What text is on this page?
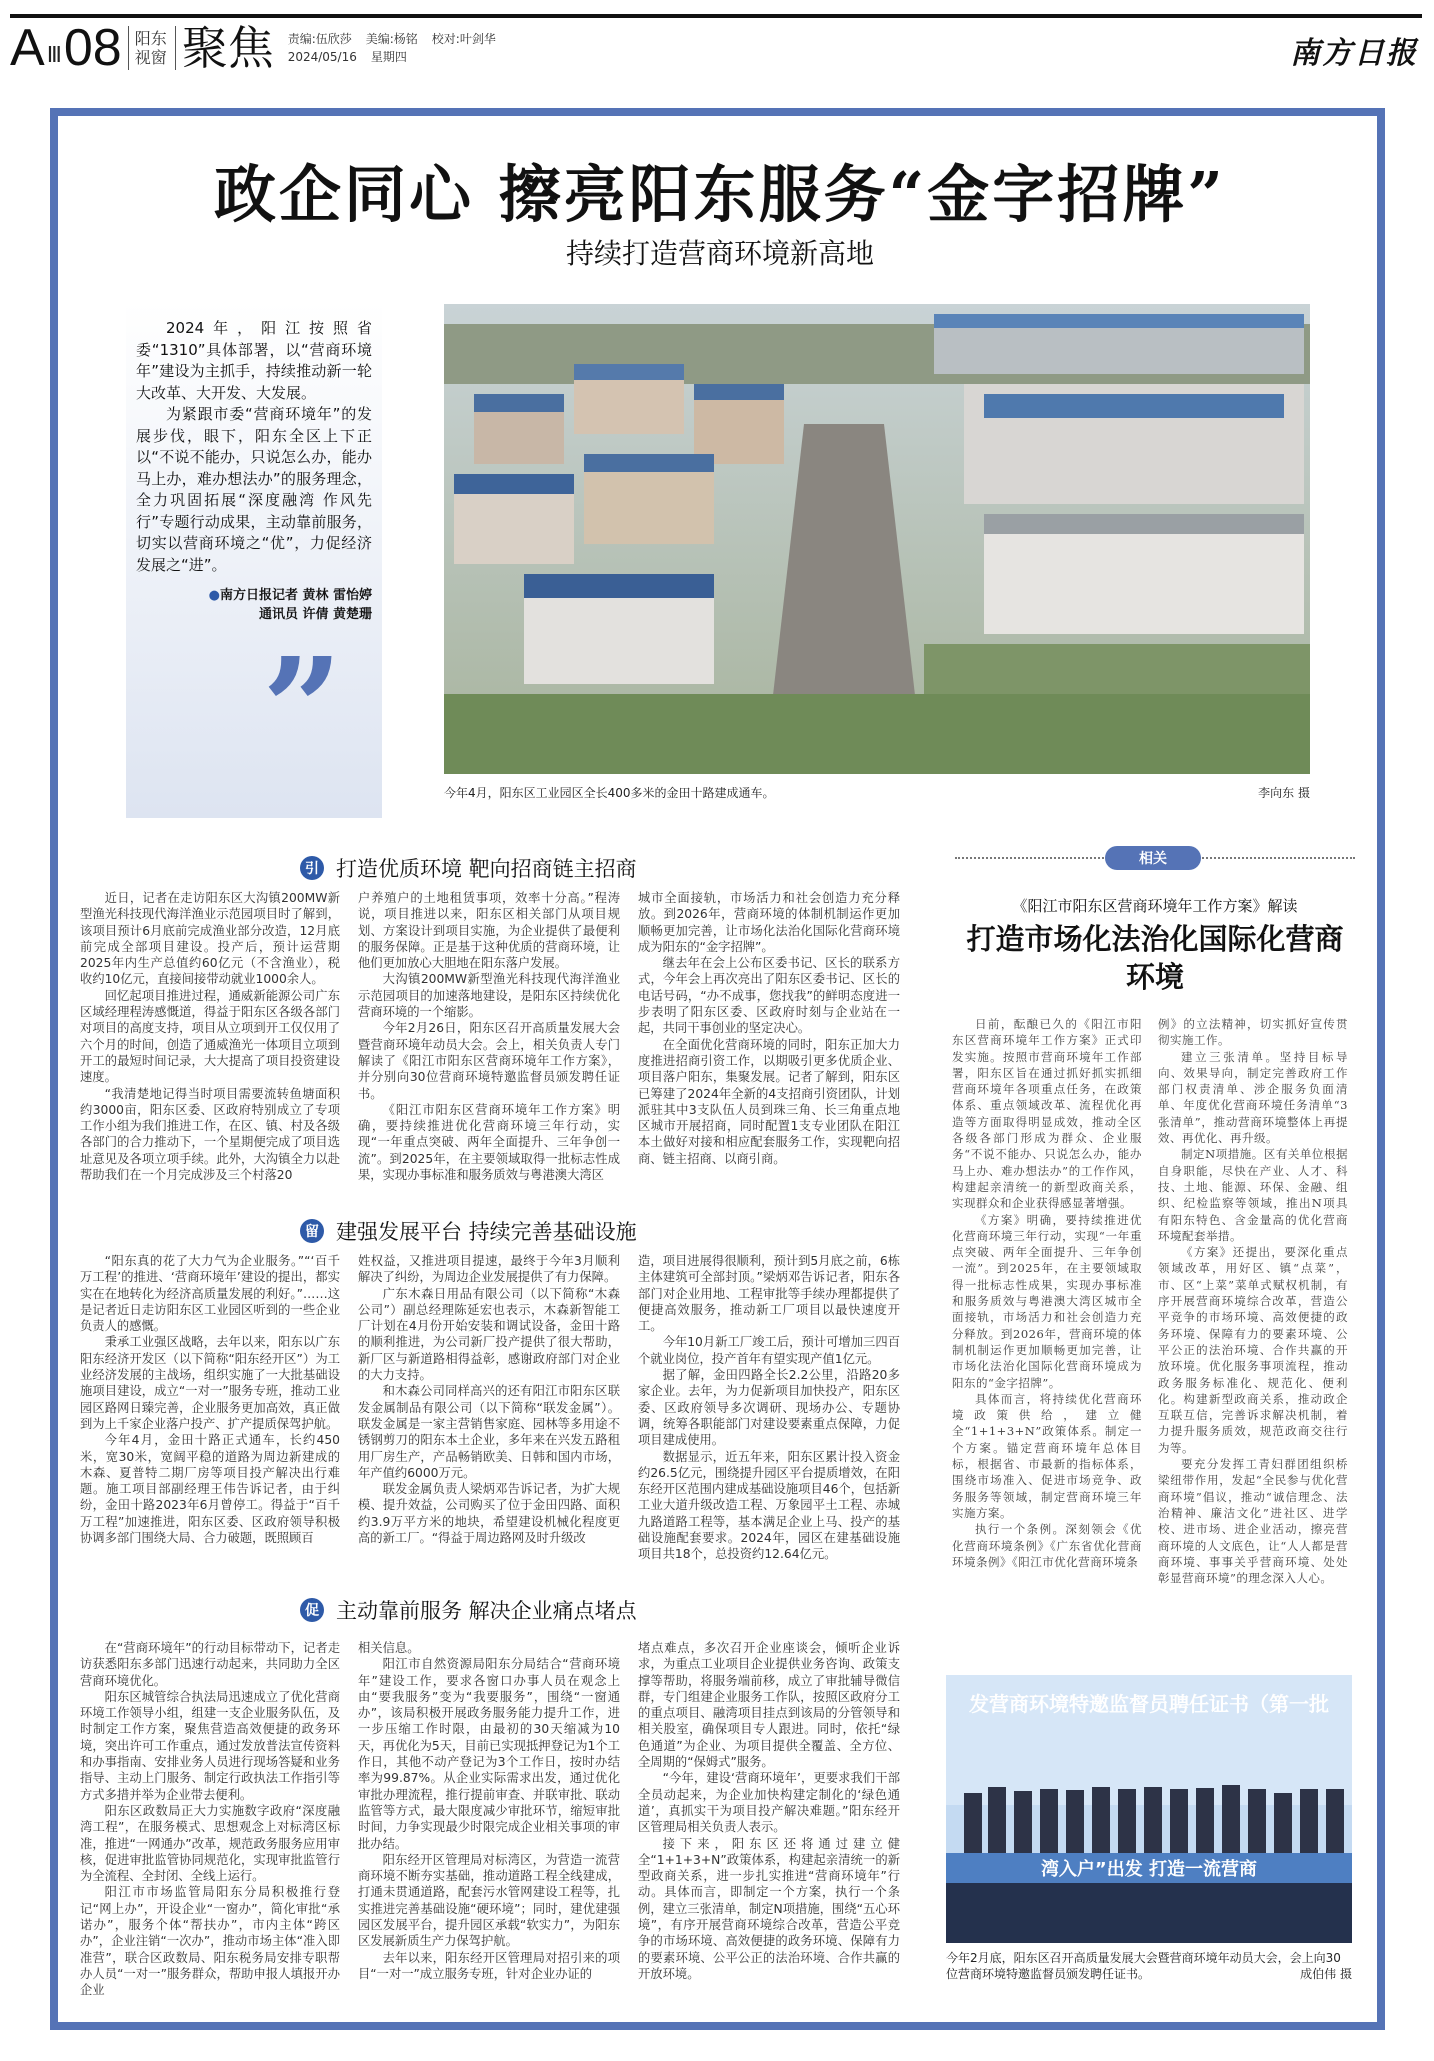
A Ⅲ 08 阳东
视窗 聚焦 责编:伍欣莎 美编:杨铭 校对:叶剑华
2024/05/16 星期四	南方日报
政企同心 擦亮阳东服务“金字招牌”
持续打造营商环境新高地

2024年，阳江按照省委“1310”具体部署，以“营商环境年”建设为主抓手，持续推动新一轮大改革、大开发、大发展。

为紧跟市委“营商环境年”的发展步伐，眼下，阳东全区上下正以“不说不能办，只说怎么办，能办马上办，难办想法办”的服务理念，全力巩固拓展“深度融湾 作风先行”专题行动成果，主动靠前服务，切实以营商环境之“优”，力促经济发展之“进”。

●南方日报记者 黄林 雷怡婷
通讯员 许倩 黄楚珊
”
今年4月，阳东区工业园区全长400多米的金田十路建成通车。	李向东 摄
引 打造优质环境 靶向招商链主招商

近日，记者在走访阳东区大沟镇200MW新型渔光科技现代海洋渔业示范园项目时了解到，该项目预计6月底前完成渔业部分改造，12月底前完成全部项目建设。投产后，预计运营期2025年内生产总值约60亿元（不含渔业），税收约10亿元，直接间接带动就业1000余人。

回忆起项目推进过程，通威新能源公司广东区域经理程涛感慨道，得益于阳东区各级各部门对项目的高度支持，项目从立项到开工仅仅用了六个月的时间，创造了通威渔光一体项目立项到开工的最短时间记录，大大提高了项目投资建设速度。

“我清楚地记得当时项目需要流转鱼塘面积约3000亩，阳东区委、区政府特别成立了专项工作小组为我们推进工作，在区、镇、村及各级各部门的合力推动下，一个星期便完成了项目选址意见及各项立项手续。此外，大沟镇全力以赴帮助我们在一个月完成涉及三个村落20

户养殖户的土地租赁事项，效率十分高。”程涛说，项目推进以来，阳东区相关部门从项目规划、方案设计到项目实施，为企业提供了最便利的服务保障。正是基于这种优质的营商环境，让他们更加放心大胆地在阳东落户发展。

大沟镇200MW新型渔光科技现代海洋渔业示范园项目的加速落地建设，是阳东区持续优化营商环境的一个缩影。

今年2月26日，阳东区召开高质量发展大会暨营商环境年动员大会。会上，相关负责人专门解读了《阳江市阳东区营商环境年工作方案》，并分别向30位营商环境特邀监督员颁发聘任证书。

《阳江市阳东区营商环境年工作方案》明确，要持续推进优化营商环境三年行动，实现“一年重点突破、两年全面提升、三年争创一流”。到2025年，在主要领域取得一批标志性成果，实现办事标准和服务质效与粤港澳大湾区

城市全面接轨，市场活力和社会创造力充分释放。到2026年，营商环境的体制机制运作更加顺畅更加完善，让市场化法治化国际化营商环境成为阳东的“金字招牌”。

继去年在会上公布区委书记、区长的联系方式，今年会上再次亮出了阳东区委书记、区长的电话号码，“办不成事，您找我”的鲜明态度进一步表明了阳东区委、区政府时刻与企业站在一起，共同干事创业的坚定决心。

在全面优化营商环境的同时，阳东正加大力度推进招商引资工作，以期吸引更多优质企业、项目落户阳东，集聚发展。记者了解到，阳东区已筹建了2024年全新的4支招商引资团队，计划派驻其中3支队伍人员到珠三角、长三角重点地区城市开展招商，同时配置1支专业团队在阳江本土做好对接和相应配套服务工作，实现靶向招商、链主招商、以商引商。

留 建强发展平台 持续完善基础设施

“阳东真的花了大力气为企业服务。”“‘百千万工程’的推进、‘营商环境年’建设的提出，都实实在在地转化为经济高质量发展的利好。”……这是记者近日走访阳东区工业园区听到的一些企业负责人的感慨。

秉承工业强区战略，去年以来，阳东以广东阳东经济开发区（以下简称“阳东经开区”）为工业经济发展的主战场，组织实施了一大批基础设施项目建设，成立“一对一”服务专班，推动工业园区路网日臻完善，企业服务更加高效，真正做到为上千家企业落户投产、扩产提质保驾护航。

今年4月，金田十路正式通车，长约450米，宽30米，宽阔平稳的道路为周边新建成的木森、夏普特二期厂房等项目投产解决出行难题。施工项目部副经理王伟告诉记者，由于纠纷，金田十路2023年6月曾停工。得益于“百千万工程”加速推进，阳东区委、区政府领导积极协调多部门围绕大局、合力破题，既照顾百

姓权益，又推进项目提速，最终于今年3月顺利解决了纠纷，为周边企业发展提供了有力保障。

广东木森日用品有限公司（以下简称“木森公司”）副总经理陈延宏也表示，木森新智能工厂计划在4月份开始安装和调试设备，金田十路的顺利推进，为公司新厂投产提供了很大帮助，新厂区与新道路相得益彰，感谢政府部门对企业的大力支持。

和木森公司同样高兴的还有阳江市阳东区联发金属制品有限公司（以下简称“联发金属”）。联发金属是一家主营销售家庭、园林等多用途不锈钢剪刀的阳东本土企业，多年来在兴发五路租用厂房生产，产品畅销欧美、日韩和国内市场，年产值约6000万元。

联发金属负责人梁炳邓告诉记者，为扩大规模、提升效益，公司购买了位于金田四路、面积约3.9万平方米的地块，希望建设机械化程度更高的新工厂。“得益于周边路网及时升级改

造，项目进展得很顺利，预计到5月底之前，6栋主体建筑可全部封顶。”梁炳邓告诉记者，阳东各部门对企业用地、工程审批等手续办理都提供了便捷高效服务，推动新工厂项目以最快速度开工。

今年10月新工厂竣工后，预计可增加三四百个就业岗位，投产首年有望实现产值1亿元。

据了解，金田四路全长2.2公里，沿路20多家企业。去年，为力促新项目加快投产，阳东区委、区政府领导多次调研、现场办公、专题协调，统筹各职能部门对建设要素重点保障，力促项目建成使用。

数据显示，近五年来，阳东区累计投入资金约26.5亿元，围绕提升园区平台提质增效，在阳东经开区范围内建成基础设施项目46个，包括新工业大道升级改造工程、万象园平土工程、赤城九路道路工程等，基本满足企业上马、投产的基础设施配套要求。2024年，园区在建基础设施项目共18个，总投资约12.64亿元。

促 主动靠前服务 解决企业痛点堵点

在“营商环境年”的行动目标带动下，记者走访获悉阳东多部门迅速行动起来，共同助力全区营商环境优化。

阳东区城管综合执法局迅速成立了优化营商环境工作领导小组，组建一支企业服务队伍，及时制定工作方案，聚焦营造高效便捷的政务环境，突出许可工作重点，通过发放普法宣传资料和办事指南、安排业务人员进行现场答疑和业务指导、主动上门服务、制定行政执法工作指引等方式多措并举为企业带去便利。

阳东区政数局正大力实施数字政府“深度融湾工程”，在服务模式、思想观念上对标湾区标准，推进“一网通办”改革，规范政务服务应用审核，促进审批监管协同规范化，实现审批监管行为全流程、全封闭、全线上运行。

阳江市市场监管局阳东分局积极推行登记“网上办”，开设企业“一窗办”，简化审批“承诺办”，服务个体“帮扶办”，市内主体“跨区办”，企业注销“一次办”，推动市场主体“准入即准营”，联合区政数局、阳东税务局安排专职帮办人员“一对一”服务群众，帮助申报人填报开办企业

相关信息。

阳江市自然资源局阳东分局结合“营商环境年”建设工作，要求各窗口办事人员在观念上由“要我服务”变为“我要服务”，围绕“一窗通办”，该局积极开展政务服务能力提升工作，进一步压缩工作时限，由最初的30天缩减为10天，再优化为5天，目前已实现抵押登记为1个工作日，其他不动产登记为3个工作日，按时办结率为99.87%。从企业实际需求出发，通过优化审批办理流程，推行提前审查、并联审批、联动监管等方式，最大限度减少审批环节，缩短审批时间，力争实现最少时限完成企业相关事项的审批办结。

阳东经开区管理局对标湾区，为营造一流营商环境不断夯实基础，推动道路工程全线建成，打通未贯通道路，配套污水管网建设工程等，扎实推进完善基础设施“硬环境”；同时，建优建强园区发展平台，提升园区承载“软实力”，为阳东区发展新质生产力保驾护航。

去年以来，阳东经开区管理局对招引来的项目“一对一”成立服务专班，针对企业办证的

堵点难点，多次召开企业座谈会，倾听企业诉求，为重点工业项目企业提供业务咨询、政策支撑等帮助，将服务端前移，成立了审批辅导微信群，专门组建企业服务工作队，按照区政府分工的重点项目、融湾项目挂点到该局的分管领导和相关股室，确保项目专人跟进。同时，依托“绿色通道”为企业、为项目提供全覆盖、全方位、全周期的“保姆式”服务。

“今年，建设‘营商环境年’，更要求我们干部全员动起来，为企业加快构建定制化的‘绿色通道’，真抓实干为项目投产解决难题。”阳东经开区管理局相关负责人表示。

接下来，阳东区还将通过建立健全“1+1+3+N”政策体系，构建起亲清统一的新型政商关系，进一步扎实推进“营商环境年”行动。具体而言，即制定一个方案，执行一个条例，建立三张清单，制定N项措施，围绕“五心环境”，有序开展营商环境综合改革，营造公平竞争的市场环境、高效便捷的政务环境、保障有力的要素环境、公平公正的法治环境、合作共赢的开放环境。

相关
《阳江市阳东区营商环境年工作方案》解读
打造市场化法治化国际化营商环境

日前，酝酿已久的《阳江市阳东区营商环境年工作方案》正式印发实施。按照市营商环境年工作部署，阳东区旨在通过抓好抓实抓细营商环境年各项重点任务，在政策体系、重点领域改革、流程优化再造等方面取得明显成效，推动全区各级各部门形成为群众、企业服务“不说不能办、只说怎么办，能办马上办、难办想法办”的工作作风，构建起亲清统一的新型政商关系，实现群众和企业获得感显著增强。

《方案》明确，要持续推进优化营商环境三年行动，实现“一年重点突破、两年全面提升、三年争创一流”。到2025年，在主要领域取得一批标志性成果，实现办事标准和服务质效与粤港澳大湾区城市全面接轨，市场活力和社会创造力充分释放。到2026年，营商环境的体制机制运作更加顺畅更加完善，让市场化法治化国际化营商环境成为阳东的“金字招牌”。

具体而言，将持续优化营商环境政策供给，建立健全“1+1+3+N”政策体系。制定一个方案。锚定营商环境年总体目标，根据省、市最新的指标体系，围绕市场准入、促进市场竞争、政务服务等领域，制定营商环境三年实施方案。

执行一个条例。深刻领会《优化营商环境条例》《广东省优化营商环境条例》《阳江市优化营商环境条

例》的立法精神，切实抓好宣传贯彻实施工作。

建立三张清单。坚持目标导向、效果导向，制定完善政府工作部门权责清单、涉企服务负面清单、年度优化营商环境任务清单“3张清单”，推动营商环境整体上再提效、再优化、再升级。

制定N项措施。区有关单位根据自身职能，尽快在产业、人才、科技、土地、能源、环保、金融、组织、纪检监察等领域，推出N项具有阳东特色、含金量高的优化营商环境配套举措。

《方案》还提出，要深化重点领域改革，用好区、镇“点菜”，市、区“上菜”菜单式赋权机制，有序开展营商环境综合改革，营造公平竞争的市场环境、高效便捷的政务环境、保障有力的要素环境、公平公正的法治环境、合作共赢的开放环境。优化服务事项流程，推动政务服务标准化、规范化、便利化。构建新型政商关系，推动政企互联互信，完善诉求解决机制，着力提升服务质效，规范政商交往行为等。

要充分发挥工青妇群团组织桥梁纽带作用，发起“全民参与优化营商环境”倡议，推动“诚信理念、法治精神、廉洁文化”进社区、进学校、进市场、进企业活动，擦亮营商环境的人文底色，让“人人都是营商环境、事事关乎营商环境、处处彰显营商环境”的理念深入人心。

发营商环境特邀监督员聘任证书（第一批
湾入户”出发 打造一流营商
今年2月底，阳东区召开高质量发展大会暨营商环境年动员大会，会上向30位营商环境特邀监督员颁发聘任证书。	成伯伟 摄
